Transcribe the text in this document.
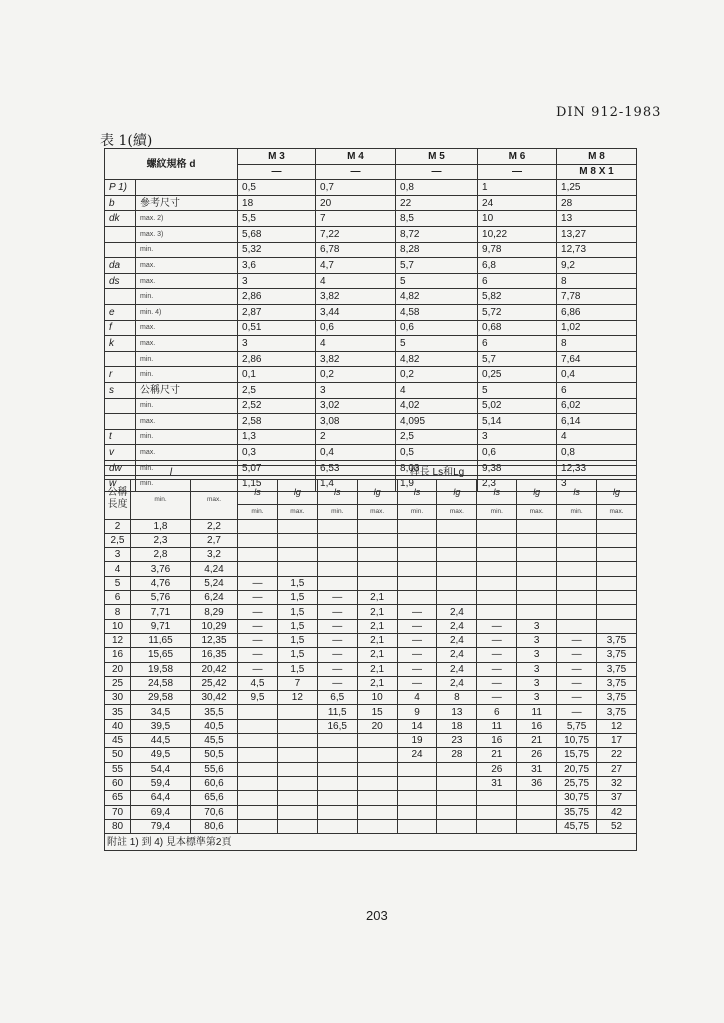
DIN 912-1983
表 1(續)
螺紋規格 d		M 3	M 4	M 5	M 6	M 8
		—	—	—	—	M 8 X 1
P 1)		0,5	0,7	0,8	1	1,25
b	參考尺寸	18	20	22	24	28
dk	max. 2)	5,5	7	8,5	10	13
	max. 3)	5,68	7,22	8,72	10,22	13,27
	min.	5,32	6,78	8,28	9,78	12,73
da	max.	3,6	4,7	5,7	6,8	9,2
ds	max.	3	4	5	6	8
	min.	2,86	3,82	4,82	5,82	7,78
e	min. 4)	2,87	3,44	4,58	5,72	6,86
f	max.	0,51	0,6	0,6	0,68	1,02
k	max.	3	4	5	6	8
	min.	2,86	3,82	4,82	5,7	7,64
r	min.	0,1	0,2	0,2	0,25	0,4
s	公稱尺寸	2,5	3	4	5	6
	min.	2,52	3,02	4,02	5,02	6,02
	max.	2,58	3,08	4,095	5,14	6,14
t	min.	1,3	2	2,5	3	4
v	max.	0,3	0,4	0,5	0,6	0,8
dw	min.	5,07	6,53	8,03	9,38	12,33
w	min.	1,15	1,4	1,9	2,3	3
l			桿長 Ls和Lg									
公稱長度	min.	max.	ls	lg	ls	lg	ls	lg	ls	lg	ls	lg
			min.	max.	min.	max.	min.	max.	min.	max.	min.	max.
2	1,8	2,2										
2,5	2,3	2,7										
3	2,8	3,2										
4	3,76	4,24										
5	4,76	5,24	—	1,5								
6	5,76	6,24	—	1,5	—	2,1						
8	7,71	8,29	—	1,5	—	2,1	—	2,4				
10	9,71	10,29	—	1,5	—	2,1	—	2,4	—	3		
12	11,65	12,35	—	1,5	—	2,1	—	2,4	—	3	—	3,75
16	15,65	16,35	—	1,5	—	2,1	—	2,4	—	3	—	3,75
20	19,58	20,42	—	1,5	—	2,1	—	2,4	—	3	—	3,75
25	24,58	25,42	4,5	7	—	2,1	—	2,4	—	3	—	3,75
30	29,58	30,42	9,5	12	6,5	10	4	8	—	3	—	3,75
35	34,5	35,5			11,5	15	9	13	6	11	—	3,75
40	39,5	40,5			16,5	20	14	18	11	16	5,75	12
45	44,5	45,5					19	23	16	21	10,75	17
50	49,5	50,5					24	28	21	26	15,75	22
55	54,4	55,6							26	31	20,75	27
60	59,4	60,6							31	36	25,75	32
65	64,4	65,6									30,75	37
70	69,4	70,6									35,75	42
80	79,4	80,6									45,75	52
附註 1) 到 4) 見本標準第2頁												
203
